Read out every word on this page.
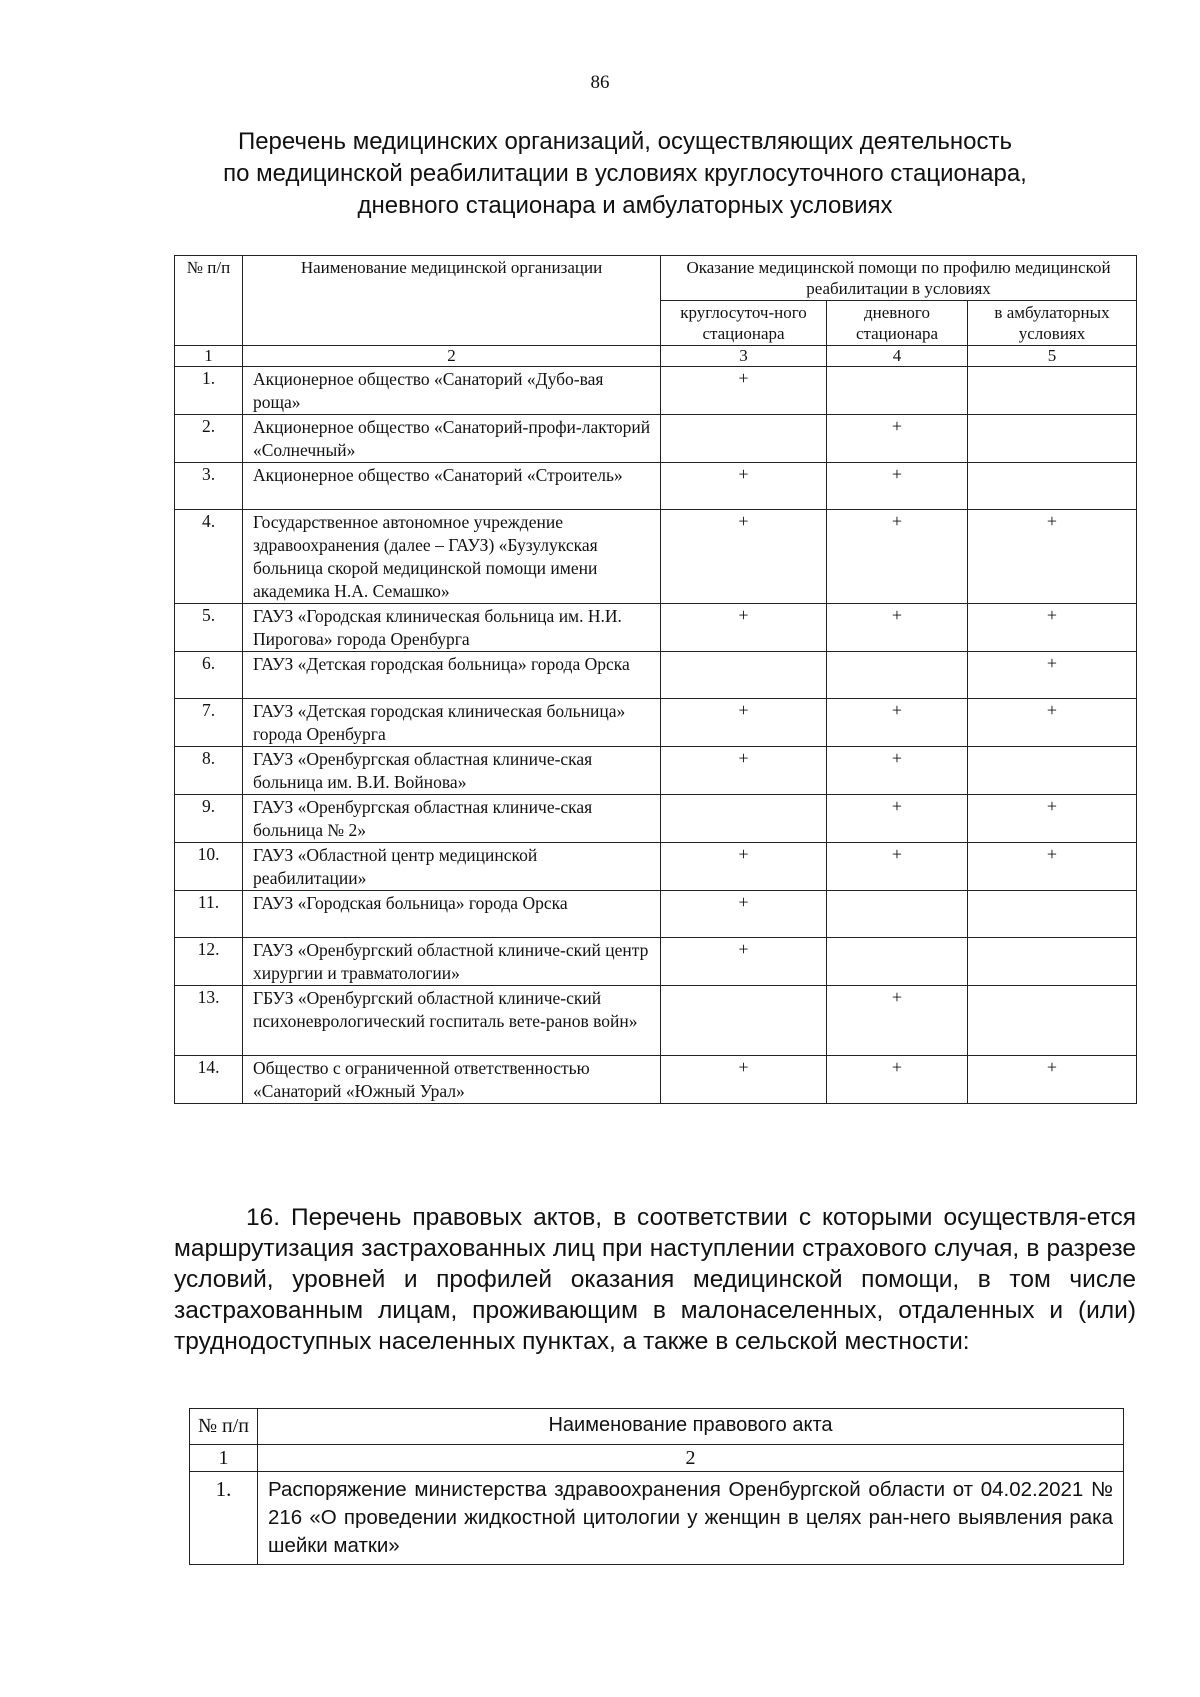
86
Перечень медицинских организаций, осуществляющих деятельность
по медицинской реабилитации в условиях круглосуточного стационара,
дневного стационара и амбулаторных условиях
№ п/п	Наименование медицинской организации	Оказание медицинской помощи по профилю медицинской реабилитации в условиях		
		круглосуточ-ного стационара	дневного стационара	в амбулаторных условиях
1	2	3	4	5
1.	Акционерное общество «Санаторий «Дубо-вая роща»	+		
2.	Акционерное общество «Санаторий-профи-лакторий «Солнечный»		+	
3.	Акционерное общество «Санаторий «Строитель»	+	+	
4.	Государственное автономное учреждение здравоохранения (далее – ГАУЗ) «Бузулукская больница скорой медицинской помощи имени академика Н.А. Семашко»	+	+	+
5.	ГАУЗ «Городская клиническая больница им. Н.И. Пирогова» города Оренбурга	+	+	+
6.	ГАУЗ «Детская городская больница» города Орска			+
7.	ГАУЗ «Детская городская клиническая больница» города Оренбурга	+	+	+
8.	ГАУЗ «Оренбургская областная клиниче-ская больница им. В.И. Войнова»	+	+	
9.	ГАУЗ «Оренбургская областная клиниче-ская больница № 2»		+	+
10.	ГАУЗ «Областной центр медицинской реабилитации»	+	+	+
11.	ГАУЗ «Городская больница» города Орска	+		
12.	ГАУЗ «Оренбургский областной клиниче-ский центр хирургии и травматологии»	+		
13.	ГБУЗ «Оренбургский областной клиниче-ский психоневрологический госпиталь вете-ранов войн»		+	
14.	Общество с ограниченной ответственностью «Санаторий «Южный Урал»	+	+	+
16. Перечень правовых актов, в соответствии с которыми осуществля-ется маршрутизация застрахованных лиц при наступлении страхового случая, в разрезе условий, уровней и профилей оказания медицинской помощи, в том числе застрахованным лицам, проживающим в малонаселенных, отдаленных и (или) труднодоступных населенных пунктах, а также в сельской местности:
№ п/п	Наименование правового акта
1	2
1.	Распоряжение министерства здравоохранения Оренбургской области от 04.02.2021 № 216 «О проведении жидкостной цитологии у женщин в целях ран-него выявления рака шейки матки»
